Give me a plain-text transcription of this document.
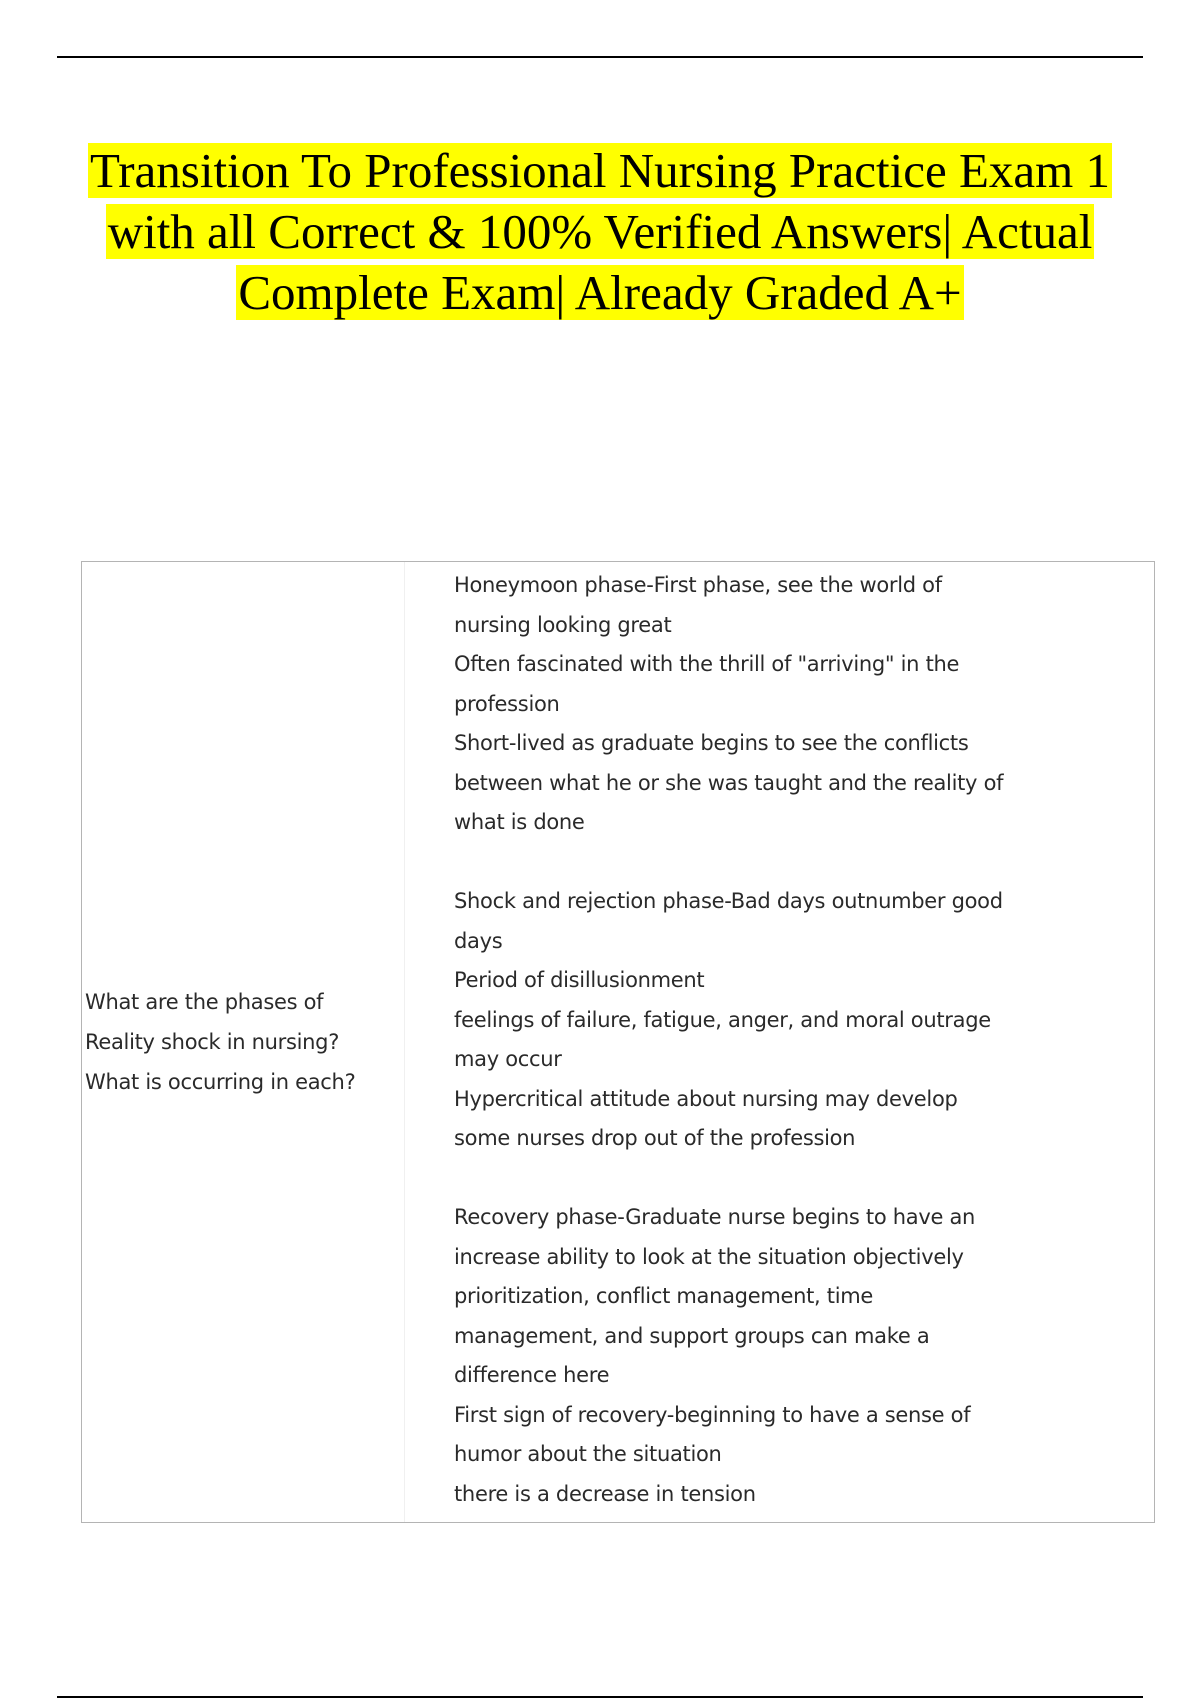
Transition To Professional Nursing Practice Exam 1
with all Correct & 100% Verified Answers| Actual
Complete Exam| Already Graded A+
What are the phases of
Reality shock in nursing?
What is occurring in each?
Honeymoon phase-First phase, see the world of
nursing looking great
Often fascinated with the thrill of "arriving" in the
profession
Short-lived as graduate begins to see the conflicts
between what he or she was taught and the reality of
what is done
Shock and rejection phase-Bad days outnumber good
days
Period of disillusionment
feelings of failure, fatigue, anger, and moral outrage
may occur
Hypercritical attitude about nursing may develop
some nurses drop out of the profession
Recovery phase-Graduate nurse begins to have an
increase ability to look at the situation objectively
prioritization, conflict management, time
management, and support groups can make a
difference here
First sign of recovery-beginning to have a sense of
humor about the situation
there is a decrease in tension
